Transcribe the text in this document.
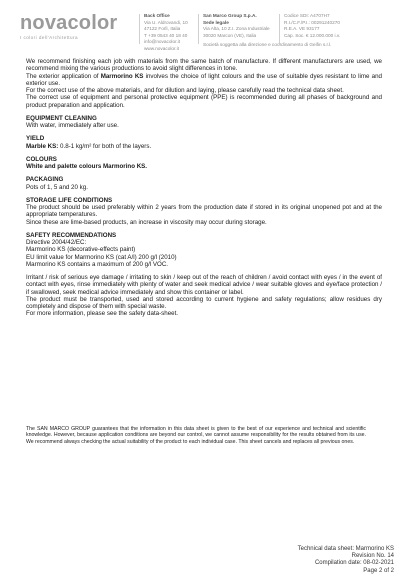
novacolor
I colori dell'Architettura
Back Office
Via U. Aldrovandi, 10
47122 Forlì, Italia
T +39 0543 40 18 40
info@novacolor.it
www.novacolor.it
San Marco Group S.p.A.
Sede legale
Via Alta, 10 Z.I. Zona Industriale
30020 Marcon (VE), Italia
Codice SDI: A4707H7
R.I./C.F./P.I.: 00291240270
R.E.A. VE 93177
Cap. Soc. € 12.000.000 i.v.
Società soggetta alla direzione e coordinamento di Geifin s.r.l.

We recommend finishing each job with materials from the same batch of manufacture. If different manufacturers are used, we recommend mixing the various productions to avoid slight differences in tone.

The exterior application of Marmorino KS involves the choice of light colours and the use of suitable dyes resistant to lime and exterior use.

For the correct use of the above materials, and for dilution and laying, please carefully read the technical data sheet.

The correct use of equipment and personal protective equipment (PPE) is recommended during all phases of background and product preparation and application.

EQUIPMENT CLEANING

With water, immediately after use.

YIELD

Marble KS: 0.8-1 kg/m² for both of the layers.

COLOURS

White and palette colours Marmorino KS.

PACKAGING

Pots of 1, 5 and 20 kg.

STORAGE LIFE CONDITIONS

The product should be used preferably within 2 years from the production date if stored in its original unopened pot and at the appropriate temperatures.

Since these are lime-based products, an increase in viscosity may occur during storage.

SAFETY RECOMMENDATIONS

Directive 2004/42/EC:

Marmorino KS (decorative-effects paint)

EU limit value for Marmorino KS (cat A/l) 200 g/l (2010)

Marmorino KS contains a maximum of 200 g/l VOC.

Irritant / risk of serious eye damage / irritating to skin / keep out of the reach of children / avoid contact with eyes / in the event of contact with eyes, rinse immediately with plenty of water and seek medical advice / wear suitable gloves and eye/face protection / if swallowed, seek medical advice immediately and show this container or label.

The product must be transported, used and stored according to current hygiene and safety regulations; allow residues dry completely and dispose of them with special waste.

For more information, please see the safety data-sheet.

The SAN MARCO GROUP guarantees that the information in this data sheet is given to the best of our experience and technical and scientific knowledge. However, because application conditions are beyond our control, we cannot assume responsibility for the results obtained from its use. We recommend always checking the actual suitability of the product to each individual case. This sheet cancels and replaces all previous ones.

Technical data sheet: Marmorino KS
Revision No. 14
Compilation date: 08-02-2021
Page 2 of 2
